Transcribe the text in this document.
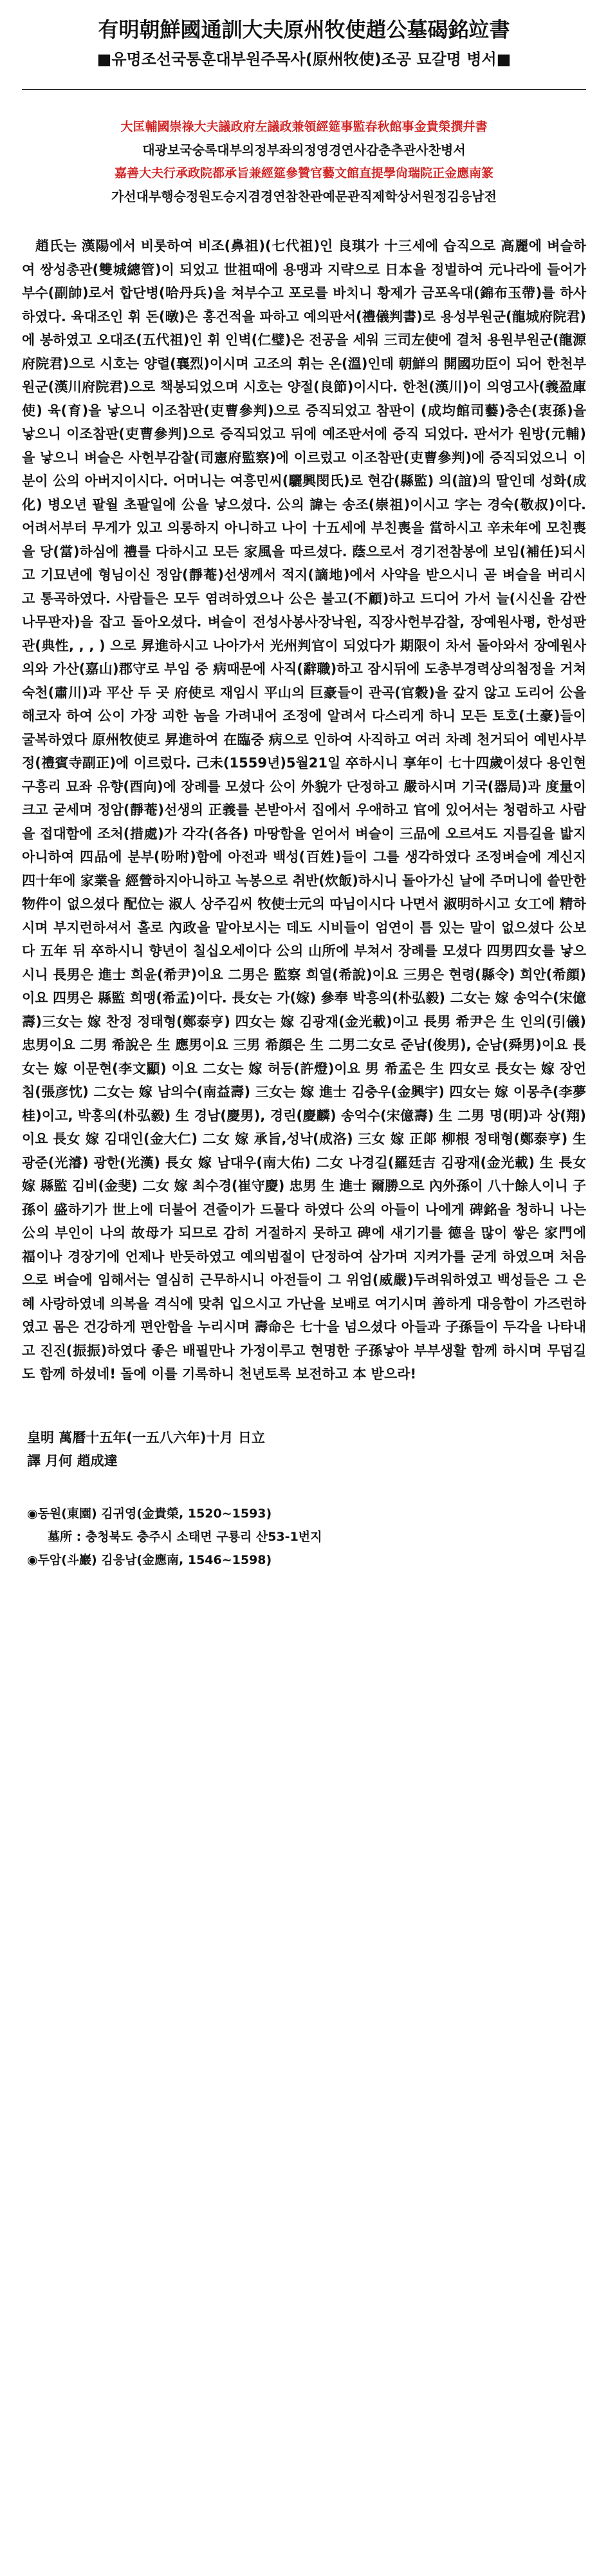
有明朝鮮國通訓大夫原州牧使趙公墓碣銘竝書
■유명조선국통훈대부원주목사(原州牧使)조공 묘갈명 병서■

大匡輔國崇祿大夫議政府左議政兼領經筵事監春秋館事金貴榮撰幷書

대광보국숭록대부의정부좌의정영경연사감춘추관사찬병서

嘉善大夫行承政院都承旨兼經筵參贊官藝文館直提學尙瑞院正金應南篆

가선대부행승정원도승지겸경연참찬관예문관직제학상서원정김응남전

趙氏는 漢陽에서 비롯하여 비조(鼻祖)(七代祖)인 良琪가 十三세에 습직으로 高麗에 벼슬하여 쌍성총관(雙城總管)이 되었고 世祖때에 용맹과 지략으로 日本을 정벌하여 元나라에 들어가 부수(副帥)로서 합단병(哈丹兵)을 쳐부수고 포로를 바치니 황제가 금포옥대(錦布玉帶)를 하사하였다. 육대조인 휘 돈(暾)은 홍건적을 파하고 예의판서(禮儀判書)로 용성부원군(龍城府院君)에 봉하였고 오대조(五代祖)인 휘 인벽(仁璧)은 전공을 세워 三司左使에 결처 용원부원군(龍源府院君)으로 시호는 양렬(襄烈)이시며 고조의 휘는 온(溫)인데 朝鮮의 開國功臣이 되어 한천부원군(漢川府院君)으로 책봉되었으며 시호는 양절(良節)이시다. 한천(漢川)이 의영고사(義盈庫使) 육(育)을 낳으니 이조참판(吏曹參判)으로 증직되었고 참판이 (成均館司藝)충손(衷孫)을 낳으니 이조참판(吏曹參判)으로 증직되었고 뒤에 예조판서에 증직 되었다. 판서가 원방(元輔)을 낳으니 벼슬은 사헌부감찰(司憲府監察)에 이르렀고 이조참판(吏曹參判)에 증직되었으니 이분이 公의 아버지이시다. 어머니는 여흥민씨(驪興閔氏)로 현감(縣監) 의(誼)의 딸인데 성화(成化) 병오년 팔월 초팔일에 公을 낳으셨다. 公의 諱는 송조(崇祖)이시고 字는 경숙(敬叔)이다. 어려서부터 무게가 있고 의롱하지 아니하고 나이 十五세에 부친喪을 當하시고 辛未年에 모친喪을 당(當)하심에 禮를 다하시고 모든 家風을 따르셨다. 蔭으로서 경기전참봉에 보임(補任)되시고 기묘년에 형님이신 정암(靜菴)선생께서 적지(謫地)에서 사약을 받으시니 곧 벼슬을 버리시고 통곡하였다. 사람들은 모두 염려하였으나 公은 불고(不顧)하고 드디어 가서 늘(시신을 감싼 나무판자)을 잡고 돌아오셨다. 벼슬이 전성사봉사장낙원, 직장사헌부감찰, 장예원사평, 한성판관(典性, , , ) 으로 昇進하시고 나아가서 光州判官이 되었다가 期限이 차서 돌아와서 장예원사의와 가산(嘉山)郡守로 부임 중 病때문에 사직(辭職)하고 잠시뒤에 도총부경력상의첨정을 거쳐 숙천(肅川)과 平산 두 곳 府使로 재임시 平山의 巨豪들이 관곡(官穀)을 갚지 않고 도리어 公을 해코자 하여 公이 가장 괴한 놈을 가려내어 조정에 알려서 다스리게 하니 모든 토호(土豪)들이 굴복하였다 原州牧使로 昇進하여 在臨중 病으로 인하여 사직하고 여러 차례 천거되어 예빈사부정(禮賓寺副正)에 이르렀다. 己未(1559년)5월21일 卒하시니 享年이 七十四歲이셨다 용인현 구흥리 묘좌 유향(酉向)에 장례를 모셨다 公이 外貌가 단정하고 嚴하시며 기국(器局)과 度量이 크고 굳세며 정암(靜菴)선생의 正義를 본받아서 집에서 우애하고 官에 있어서는 청렴하고 사람을 접대함에 조처(措處)가 각각(各各) 마땅함을 얻어서 벼슬이 三品에 오르셔도 지름길을 밟지 아니하여 四品에 분부(吩咐)함에 아전과 백성(百姓)들이 그를 생각하였다 조정벼슬에 계신지 四十年에 家業을 經營하지아니하고 녹봉으로 취반(炊飯)하시니 돌아가신 날에 주머니에 쓸만한 物件이 없으셨다 配位는 淑人 상주김씨 牧使士元의 따님이시다 나면서 淑明하시고 女工에 精하시며 부지런하셔서 홀로 內政을 맡아보시는 데도 시비들이 엄연이 틈 있는 말이 없으셨다 公보다 五年 뒤 卒하시니 향년이 칠십오세이다 公의 山所에 부쳐서 장례를 모셨다 四男四女를 낳으시니 長男은 進士 희윤(希尹)이요 二男은 監察 희열(希說)이요 三男은 현령(縣令) 희안(希顔)이요 四男은 縣監 희맹(希孟)이다. 長女는 가(嫁) 參奉 박흥의(朴弘毅) 二女는 嫁 송억수(宋億壽)三女는 嫁 찬정 정태형(鄭泰亨) 四女는 嫁 김광재(金光載)이고 長男 希尹은 生 인의(引儀) 忠男이요 二男 希說은 生 應男이요 三男 希顔은 生 二男二女로 준남(俊男), 순남(舜男)이요 長女는 嫁 이문현(李文顯) 이요 二女는 嫁 허등(許燈)이요 男 希孟은 生 四女로 長女는 嫁 장언침(張彦忱) 二女는 嫁 남의수(南益壽) 三女는 嫁 進士 김충우(金興宇) 四女는 嫁 이몽추(李夢桂)이고, 박홍의(朴弘毅) 生 경남(慶男), 경린(慶麟) 송억수(宋億壽) 生 二男 명(明)과 상(翔)이요 長女 嫁 김대인(金大仁) 二女 嫁 承旨,성낙(成洛) 三女 嫁 正郞 柳根 정태형(鄭泰亨) 生 광준(光濬) 광한(光漢) 長女 嫁 남대우(南大佑) 二女 나경길(羅廷吉 김광재(金光載) 生 長女 嫁 縣監 김비(金斐) 二女 嫁 최수경(崔守慶) 忠男 生 進士 爾勝으로 內外孫이 八十餘人이니 子孫이 盛하기가 世上에 더불어 견줄이가 드물다 하였다 公의 아들이 나에게 碑銘을 청하니 나는 公의 부인이 나의 故母가 되므로 감히 거절하지 못하고 碑에 새기기를 德을 많이 쌓은 家門에 福이나 경장기에 언제나 반듯하였고 예의범절이 단정하여 삼가며 지켜가를 굳게 하였으며 처음으로 벼슬에 임해서는 열심히 근무하시니 아전들이 그 위엄(威嚴)두려워하였고 백성들은 그 은혜 사랑하였네 의복을 격식에 맞취 입으시고 가난을 보배로 여기시며 善하게 대응함이 가즈런하였고 몸은 건강하게 편안함을 누리시며 壽命은 七十을 넘으셨다 아들과 子孫들이 두각을 나타내고 진진(振振)하였다 좋은 배필만나 가정이루고 현명한 子孫낳아 부부생활 함께 하시며 무덤길도 함께 하셨네! 돌에 이를 기록하니 천년토록 보전하고 本 받으라!

皇明 萬曆十五年(一五八六年)十月 日立

譯 月何 趙成達

◉동원(東園) 김귀영(金貴榮, 1520~1593)

墓所 : 충청북도 충주시 소태면 구룡리 산53-1번지

◉두암(斗巖) 김응남(金應南, 1546~1598)
